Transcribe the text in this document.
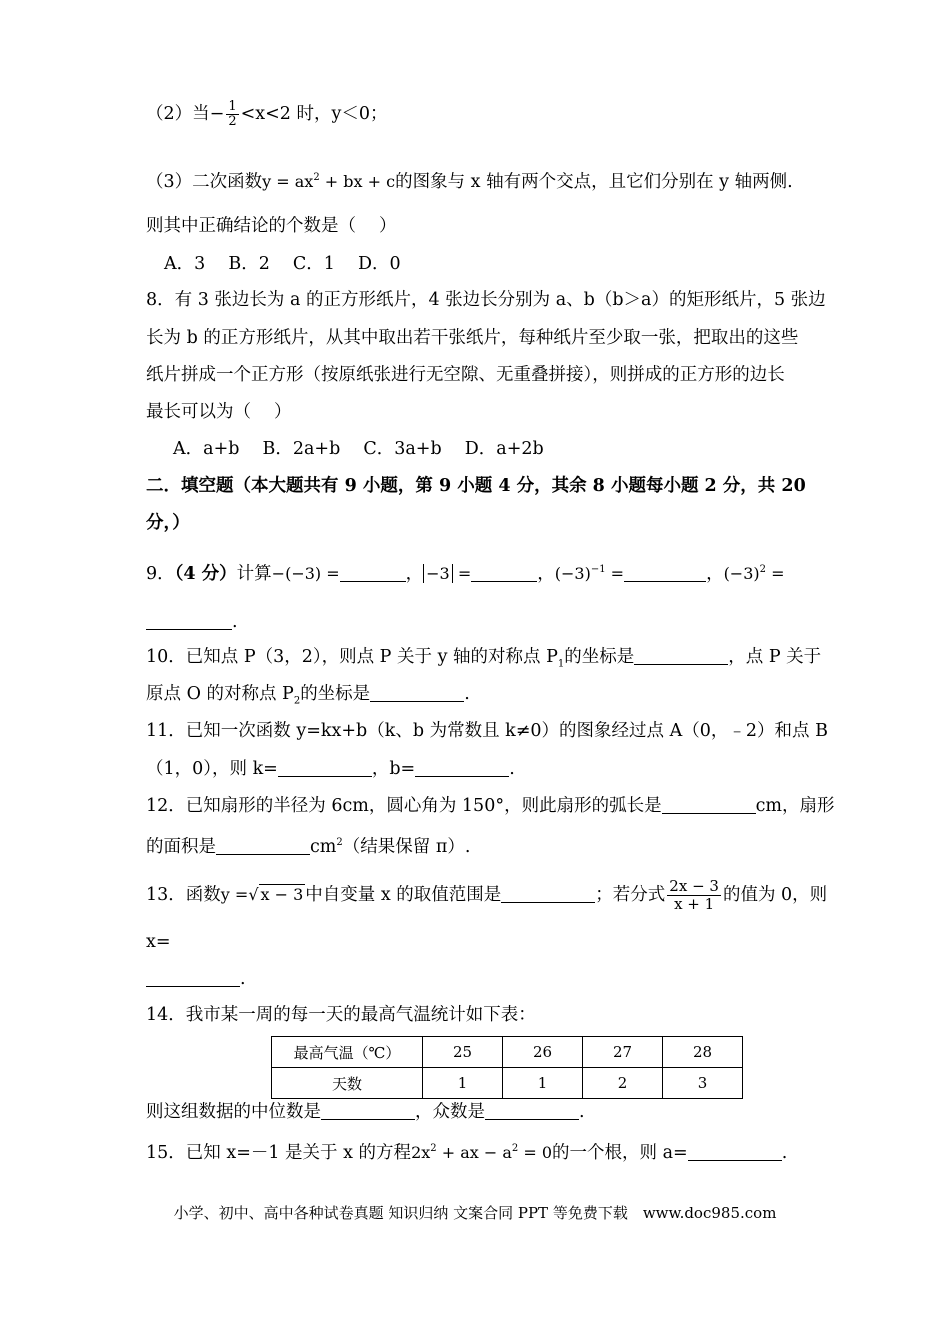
（2）当− $\frac{1}{2} <x<2$ 时，y＜0；
（3）二次函数$y = ax^2$ + bx + c的图象与 x 轴有两个交点，且它们分别在 y 轴两侧.
则其中正确结论的个数是（　 ）
A．3　 B．2　 C．1　 D．0
8．有 3 张边长为 a 的正方形纸片，4 张边长分别为 a、b（b＞a）的矩形纸片，5 张边
长为 b 的正方形纸片，从其中取出若干张纸片，每种纸片至少取一张，把取出的这些
纸片拼成一个正方形（按原纸张进行无空隙、无重叠拼接），则拼成的正方形的边长
最长可以为（　 ）
A．a+b　 B．2a+b　 C．3a+b　 D．a+2b
二．填空题（本大题共有 9 小题，第 9 小题 4 分，其余 8 小题每小题 2 分，共 20
分，）
9．（4 分）计算−(−3) =	， −3 =	，$(-3)^{-1}$ =	，$(-3)^2$ =
.
10．已知点 P（3，2），则点 P 关于 y 轴的对称点 $P_1$的坐标是	，点 P 关于
原点 O 的对称点 $P_2$的坐标是	.
11．已知一次函数 y=kx+b（k、b 为常数且 k≠0）的图象经过点 A（0，﹣2）和点 B
（1，0），则 k=	，b=	.
12．已知扇形的半径为 6cm，圆心角为 150°，则此扇形的弧长是	cm，扇形
的面积是	$cm^2$（结果保留 π）.
13．函数y =√ x − 3 中自变量 x 的取值范围是	；若分式 $\frac{2x - 3}{x + 1}$ 的值为 0，则
x=
.
14．我市某一周的每一天的最高气温统计如下表：
最高气温（℃）	25	26	27	28
天数	1	1	2	3
则这组数据的中位数是	，众数是	.
15．已知 x=－1 是关于 x 的方程$2x^2$ + ax − $a^2 = 0$的一个根，则 a=	.
小学、初中、高中各种试卷真题 知识归纳 文案合同 PPT 等免费下载　www.doc985.com
